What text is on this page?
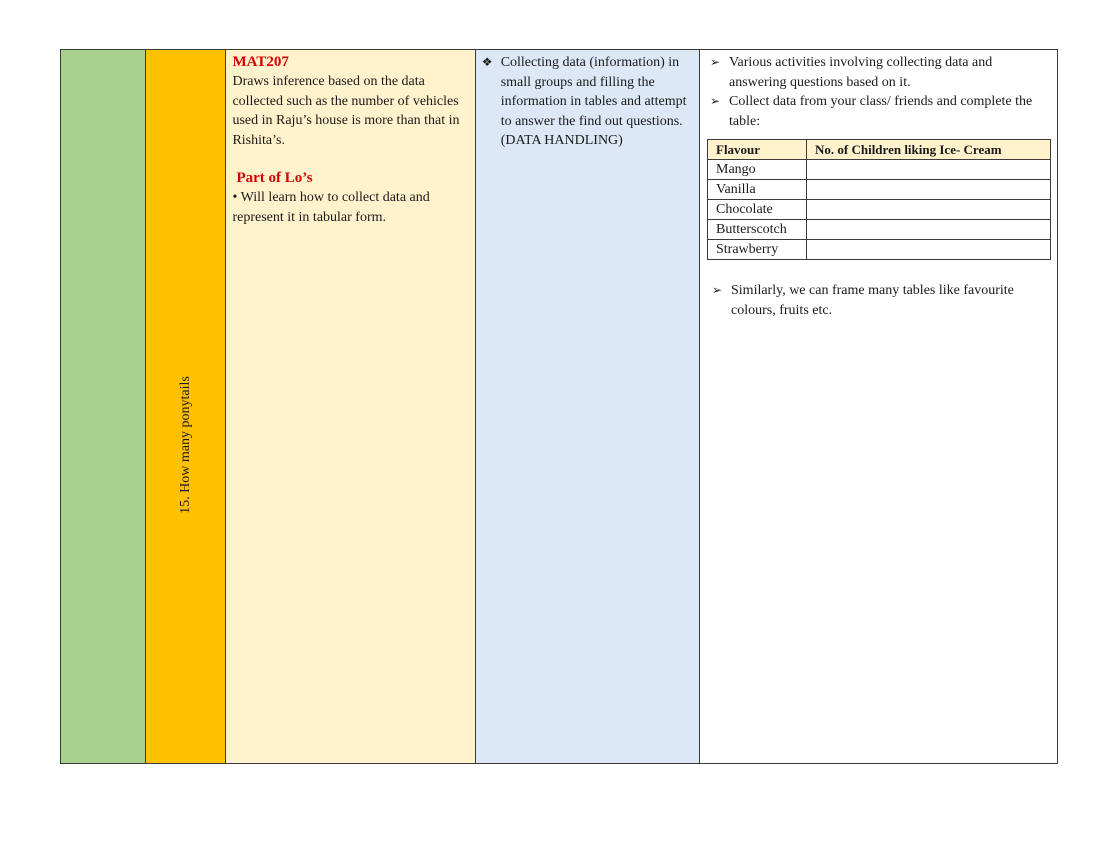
15. How many ponytails
MAT207
Draws inference based on the data collected such as the number of vehicles used in Raju’s house is more than that in Rishita’s.
Part of Lo’s
• Will learn how to collect data and represent it in tabular form.
❖ Collecting data (information) in small groups and filling the information in tables and attempt to answer the find out questions. (DATA HANDLING)
➢ Various activities involving collecting data and answering questions based on it.
➢ Collect data from your class/ friends and complete the table:
Flavour	No. of Children liking Ice- Cream
Mango	
Vanilla	
Chocolate	
Butterscotch	
Strawberry	
➢ Similarly, we can frame many tables like favourite colours, fruits etc.
